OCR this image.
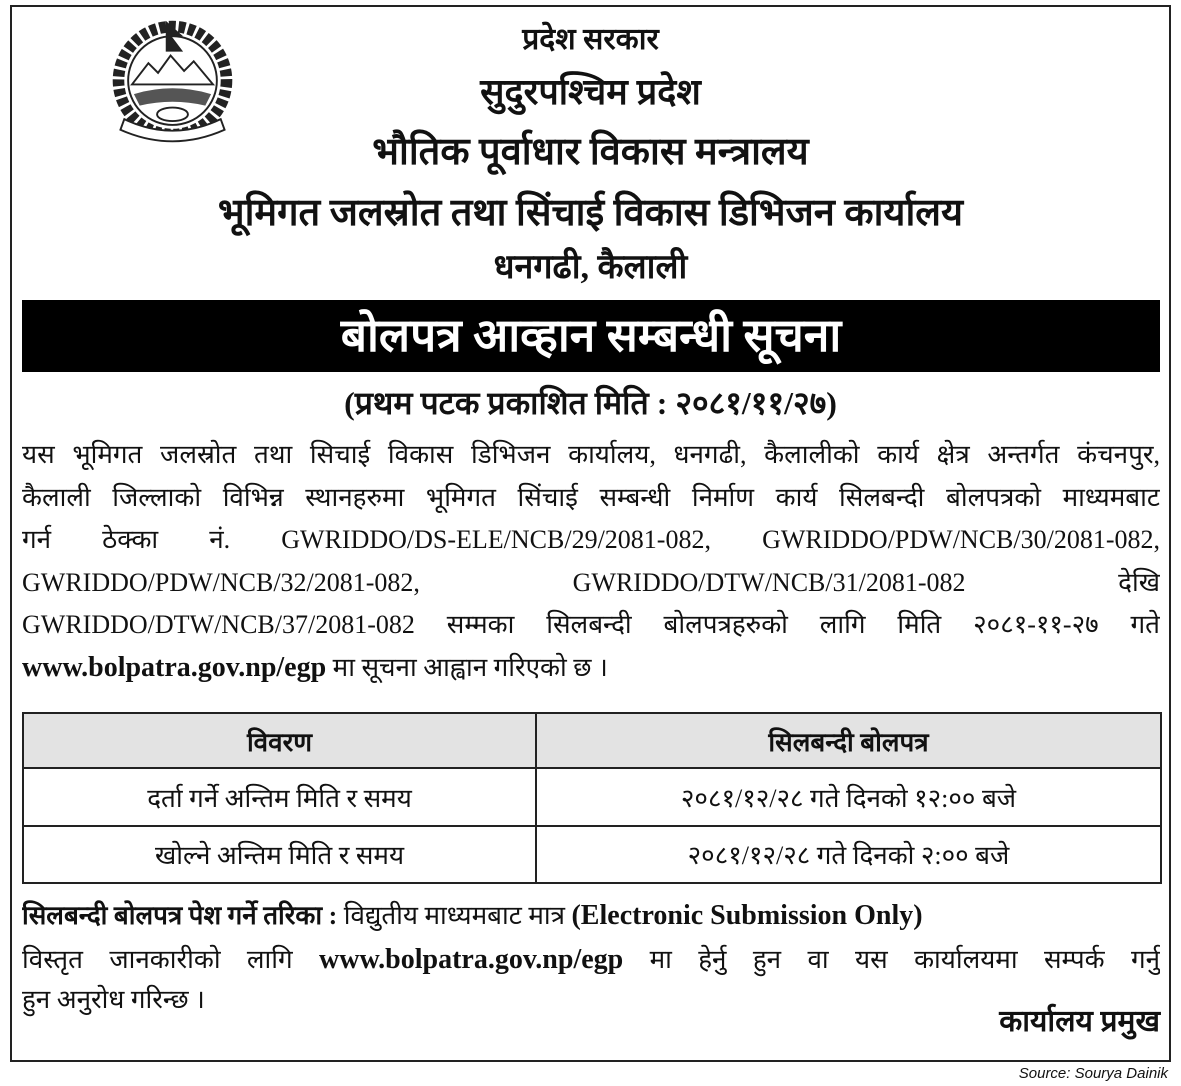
प्रदेश सरकार
सुदुरपश्चिम प्रदेश
भौतिक पूर्वाधार विकास मन्त्रालय
भूमिगत जलस्रोत तथा सिंचाई विकास डिभिजन कार्यालय
धनगढी, कैलाली
बोलपत्र आव्हान सम्बन्धी सूचना
(प्रथम पटक प्रकाशित मिति : २०८१/११/२७)
यस भूमिगत जलस्रोत तथा सिचाई विकास डिभिजन कार्यालय, धनगढी, कैलालीको कार्य क्षेत्र अन्तर्गत कंचनपुर,
कैलाली जिल्लाको विभिन्न स्थानहरुमा भूमिगत सिंचाई सम्बन्धी निर्माण कार्य सिलबन्दी बोलपत्रको माध्यमबाट
गर्न ठेक्का नं. GWRIDDO/DS-ELE/NCB/29/2081-082, GWRIDDO/PDW/NCB/30/2081-082,
GWRIDDO/PDW/NCB/32/2081-082, GWRIDDO/DTW/NCB/31/2081-082 देखि
GWRIDDO/DTW/NCB/37/2081-082 सम्मका सिलबन्दी बोलपत्रहरुको लागि मिति २०८१-११-२७ गते
www.bolpatra.gov.np/egp मा सूचना आह्वान गरिएको छ ।
विवरण	सिलबन्दी बोलपत्र
दर्ता गर्ने अन्तिम मिति र समय	२०८१/१२/२८ गते दिनको १२:०० बजे
खोल्ने अन्तिम मिति र समय	२०८१/१२/२८ गते दिनको २:०० बजे
सिलबन्दी बोलपत्र पेश गर्ने तरिका : विद्युतीय माध्यमबाट मात्र (Electronic Submission Only)
विस्तृत जानकारीको लागि www.bolpatra.gov.np/egp मा हेर्नु हुन वा यस कार्यालयमा सम्पर्क गर्नु
हुन अनुरोध गरिन्छ ।
कार्यालय प्रमुख
Source: Sourya Dainik
